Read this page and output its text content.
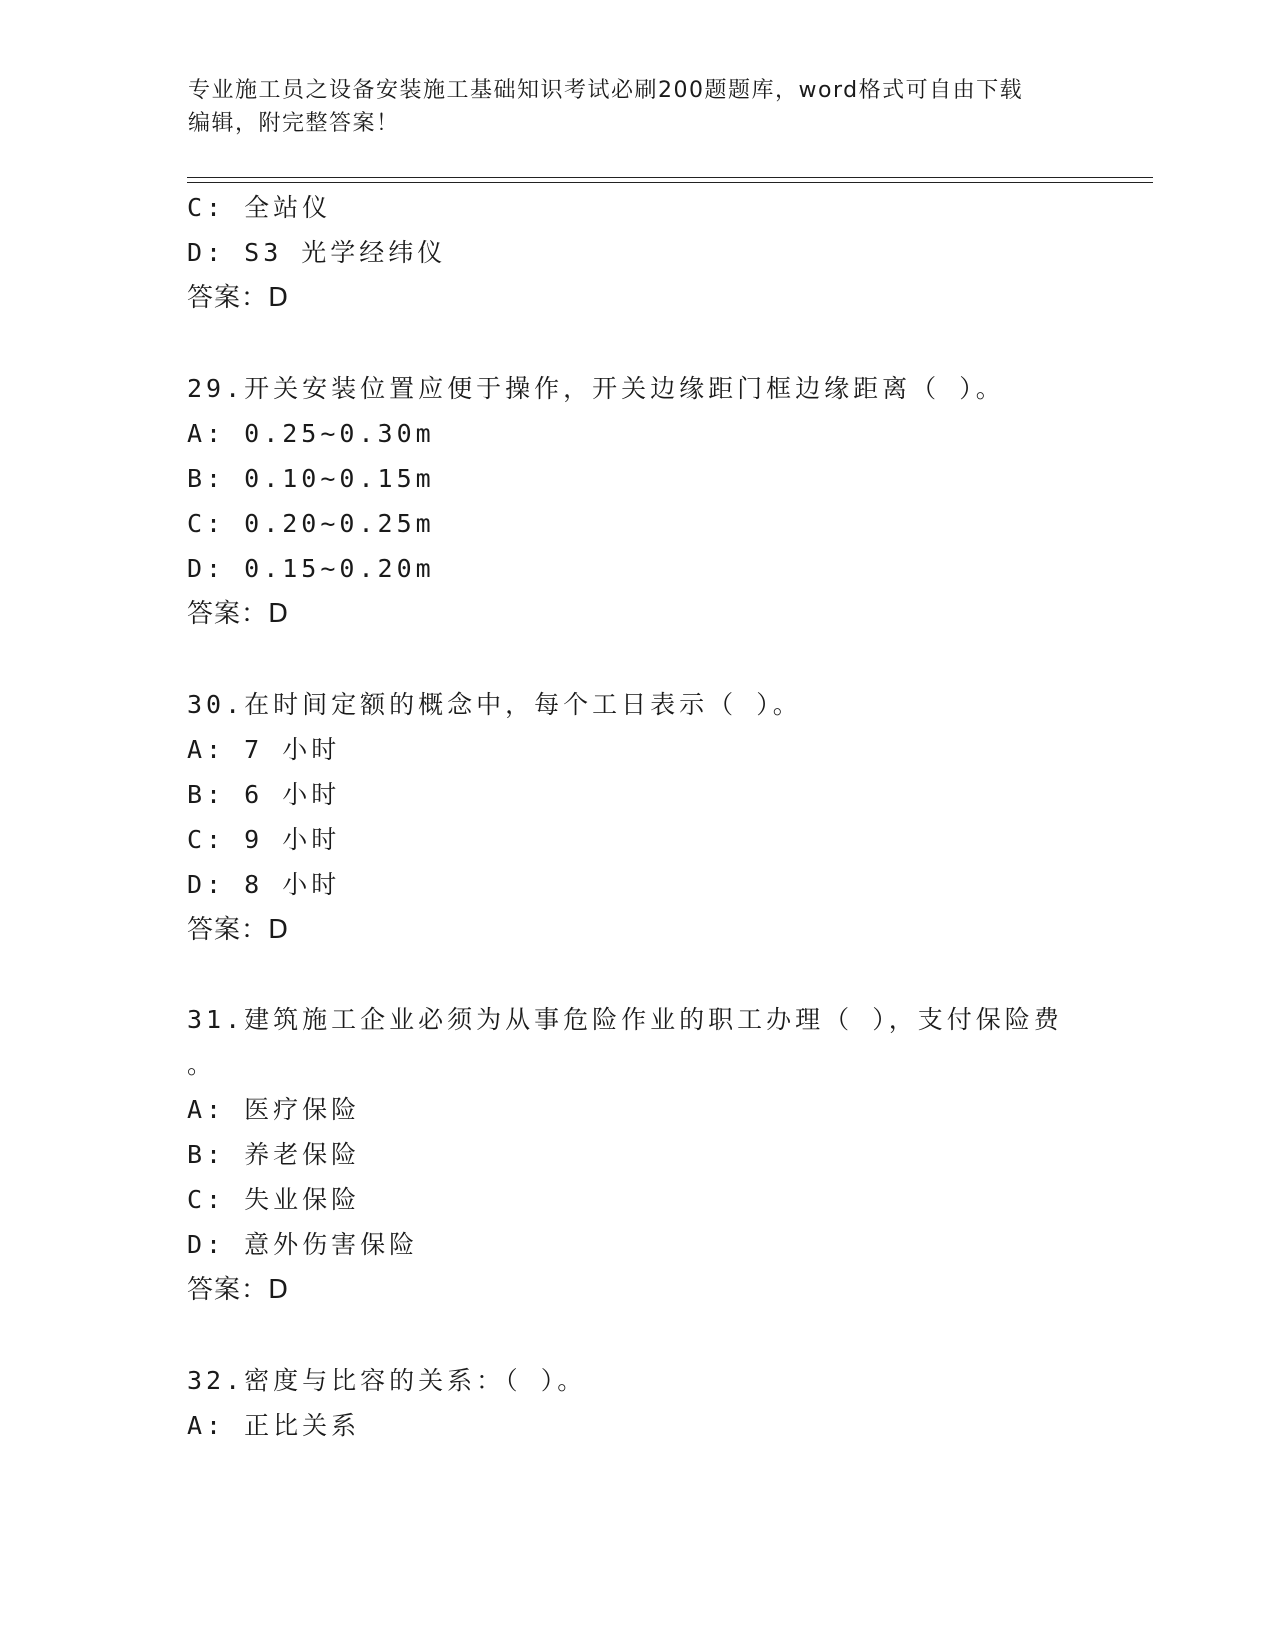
专业施工员之设备安装施工基础知识考试必刷200题题库，word格式可自由下载
编辑，附完整答案！
C: 全站仪
D: S3 光学经纬仪
答案：D
29.开关安装位置应便于操作，开关边缘距门框边缘距离（ ）。
A: 0.25~0.30m
B: 0.10~0.15m
C: 0.20~0.25m
D: 0.15~0.20m
答案：D
30.在时间定额的概念中，每个工日表示（ ）。
A: 7 小时
B: 6 小时
C: 9 小时
D: 8 小时
答案：D
31.建筑施工企业必须为从事危险作业的职工办理（ ），支付保险费
。
A: 医疗保险
B: 养老保险
C: 失业保险
D: 意外伤害保险
答案：D
32.密度与比容的关系：（ ）。
A: 正比关系
